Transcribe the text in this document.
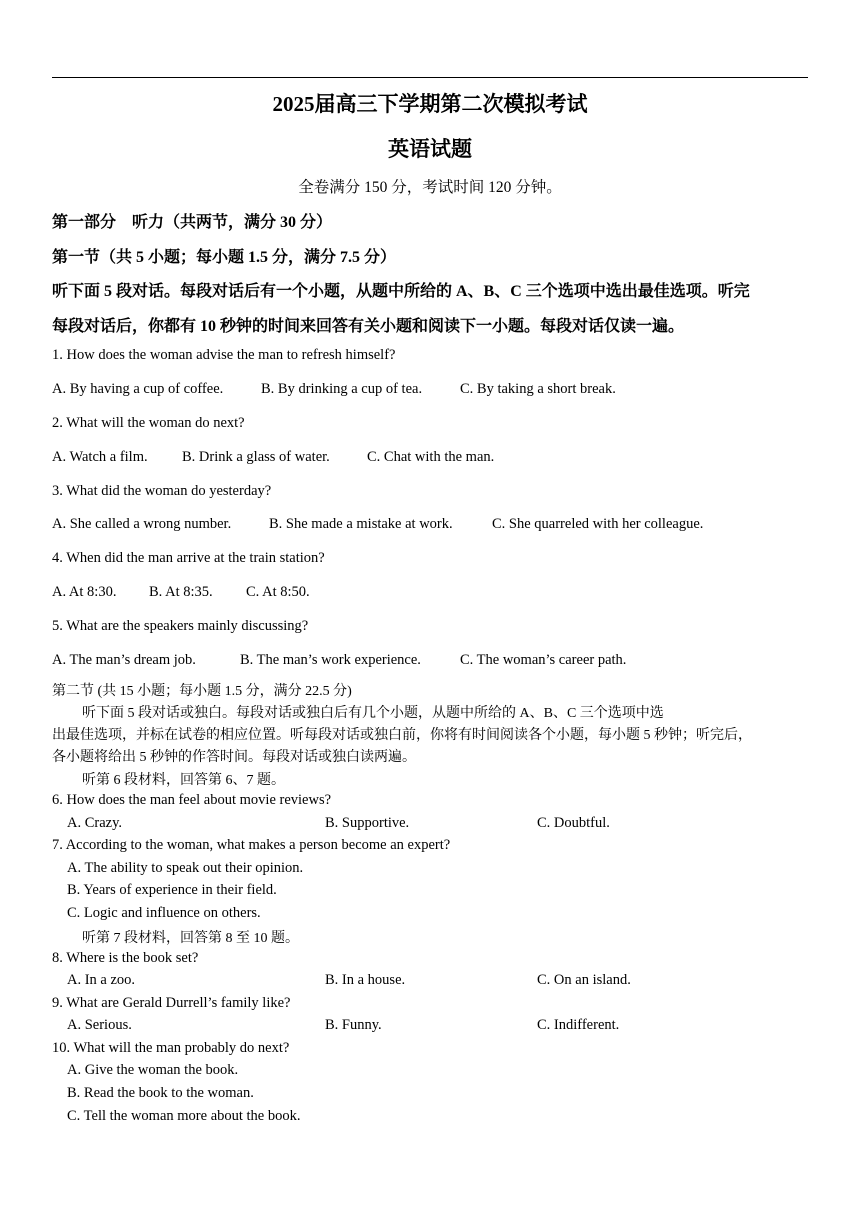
2025届高三下学期第二次模拟考试
英语试题
全卷满分 150 分，考试时间 120 分钟。
第一部分　听力（共两节，满分 30 分）
第一节（共 5 小题；每小题 1.5 分，满分 7.5 分）
听下面 5 段对话。每段对话后有一个小题，从题中所给的 A、B、C 三个选项中选出最佳选项。听完
每段对话后，你都有 10 秒钟的时间来回答有关小题和阅读下一小题。每段对话仅读一遍。
1. How does the woman advise the man to refresh himself?
A. By having a cup of coffee.	B. By drinking a cup of tea.	C. By taking a short break.
2. What will the woman do next?
A. Watch a film. B. Drink a glass of water.	C. Chat with the man.
3. What did the woman do yesterday?
A. She called a wrong number.	B. She made a mistake at work.	C. She quarreled with her colleague.
4. When did the man arrive at the train station?
A. At 8:30. B. At 8:35. C. At 8:50.
5. What are the speakers mainly discussing?
A. The man’s dream job.	B. The man’s work experience.	C. The woman’s career path.
第二节 (共 15 小题；每小题 1.5 分，满分 22.5 分)
听下面 5 段对话或独白。每段对话或独白后有几个小题，从题中所给的 A、B、C 三个选项中选
出最佳选项，并标在试卷的相应位置。听每段对话或独白前，你将有时间阅读各个小题，每小题 5 秒钟；听完后，
各小题将给出 5 秒钟的作答时间。每段对话或独白读两遍。
听第 6 段材料，回答第 6、7 题。
6. How does the man feel about movie reviews?
A. Crazy.	B. Supportive.	C. Doubtful.
7. According to the woman, what makes a person become an expert?
A. The ability to speak out their opinion.
B. Years of experience in their field.
C. Logic and influence on others.
听第 7 段材料，回答第 8 至 10 题。
8. Where is the book set?
A. In a zoo.	B. In a house.	C. On an island.
9. What are Gerald Durrell’s family like?
A. Serious.	B. Funny.	C. Indifferent.
10. What will the man probably do next?
A. Give the woman the book.
B. Read the book to the woman.
C. Tell the woman more about the book.
